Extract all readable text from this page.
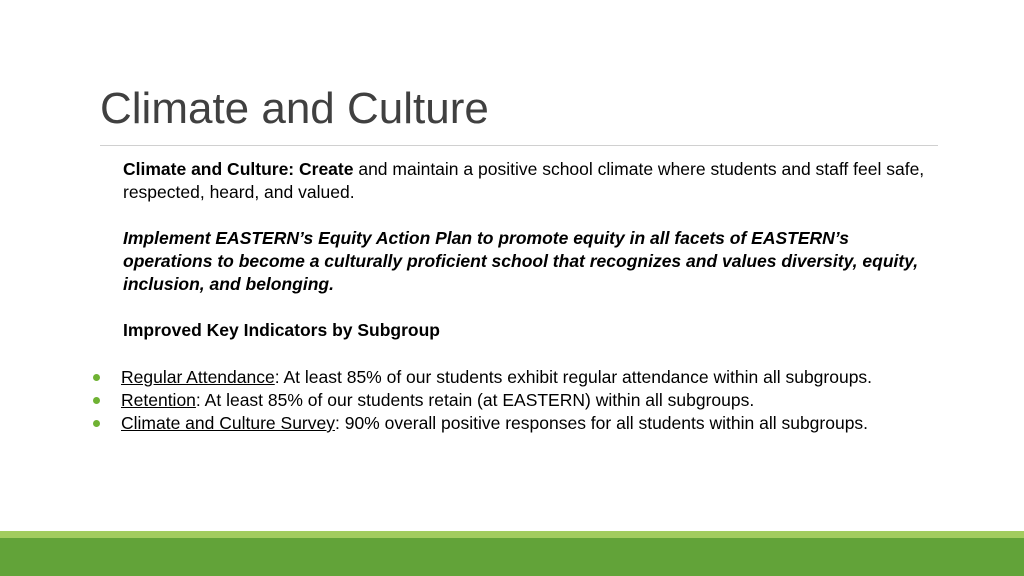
Climate and Culture

Climate and Culture: Create and maintain a positive school climate where students and staff feel safe, respected, heard, and valued.

Implement EASTERN’s Equity Action Plan to promote equity in all facets of EASTERN’s operations to become a culturally proficient school that recognizes and values diversity, equity, inclusion, and belonging.

Improved Key Indicators by Subgroup

Regular Attendance: At least 85% of our students exhibit regular attendance within all subgroups.
Retention: At least 85% of our students retain (at EASTERN) within all subgroups.
Climate and Culture Survey: 90% overall positive responses for all students within all subgroups.
